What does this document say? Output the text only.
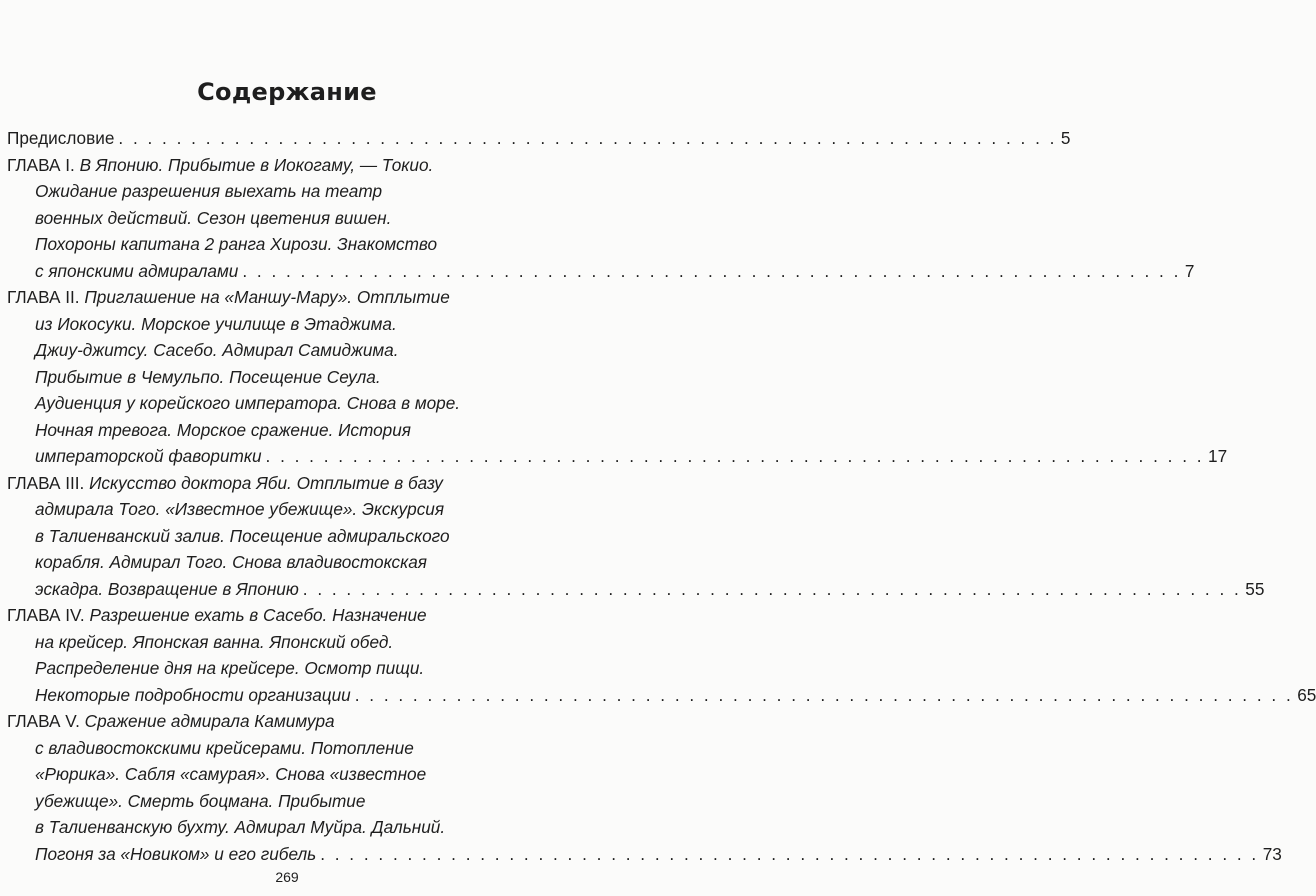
Содержание
Предисловие . . . . . . . . . . . . . . . . . . . . . . . . . . . . . . . . . . . . . . . . . . . . . . . . . . . . . . . . . . . . . . . . . 5
ГЛАВА I. В Японию. Прибытие в Иокогаму, — Токио.
Ожидание разрешения выехать на театр
военных действий. Сезон цветения вишен.
Похороны капитана 2 ранга Хирози. Знакомство
с японскими адмиралами . . . . . . . . . . . . . . . . . . . . . . . . . . . . . . . . . . . . . . . . . . . . . . . . . . . . . . . . . . . . . . . . . 7
ГЛАВА II. Приглашение на «Маншу-Мару». Отплытие
из Иокосуки. Морское училище в Этаджима.
Джиу-джитсу. Сасебо. Адмирал Самиджима.
Прибытие в Чемульпо. Посещение Сеула.
Аудиенция у корейского императора. Снова в море.
Ночная тревога. Морское сражение. История
императорской фаворитки . . . . . . . . . . . . . . . . . . . . . . . . . . . . . . . . . . . . . . . . . . . . . . . . . . . . . . . . . . . . . . . . . 17
ГЛАВА III. Искусство доктора Яби. Отплытие в базу
адмирала Того. «Известное убежище». Экскурсия
в Талиенванский залив. Посещение адмиральского
корабля. Адмирал Того. Снова владивостокская
эскадра. Возвращение в Японию . . . . . . . . . . . . . . . . . . . . . . . . . . . . . . . . . . . . . . . . . . . . . . . . . . . . . . . . . . . . . . . . . 55
ГЛАВА IV. Разрешение ехать в Сасебо. Назначение
на крейсер. Японская ванна. Японский обед.
Распределение дня на крейсере. Осмотр пищи.
Некоторые подробности организации . . . . . . . . . . . . . . . . . . . . . . . . . . . . . . . . . . . . . . . . . . . . . . . . . . . . . . . . . . . . . . . . . 65
ГЛАВА V. Сражение адмирала Камимура
с владивостокскими крейсерами. Потопление
«Рюрика». Сабля «самурая». Снова «известное
убежище». Смерть боцмана. Прибытие
в Талиенванскую бухту. Адмирал Муйра. Дальний.
Погоня за «Новиком» и его гибель . . . . . . . . . . . . . . . . . . . . . . . . . . . . . . . . . . . . . . . . . . . . . . . . . . . . . . . . . . . . . . . . . 73
269
